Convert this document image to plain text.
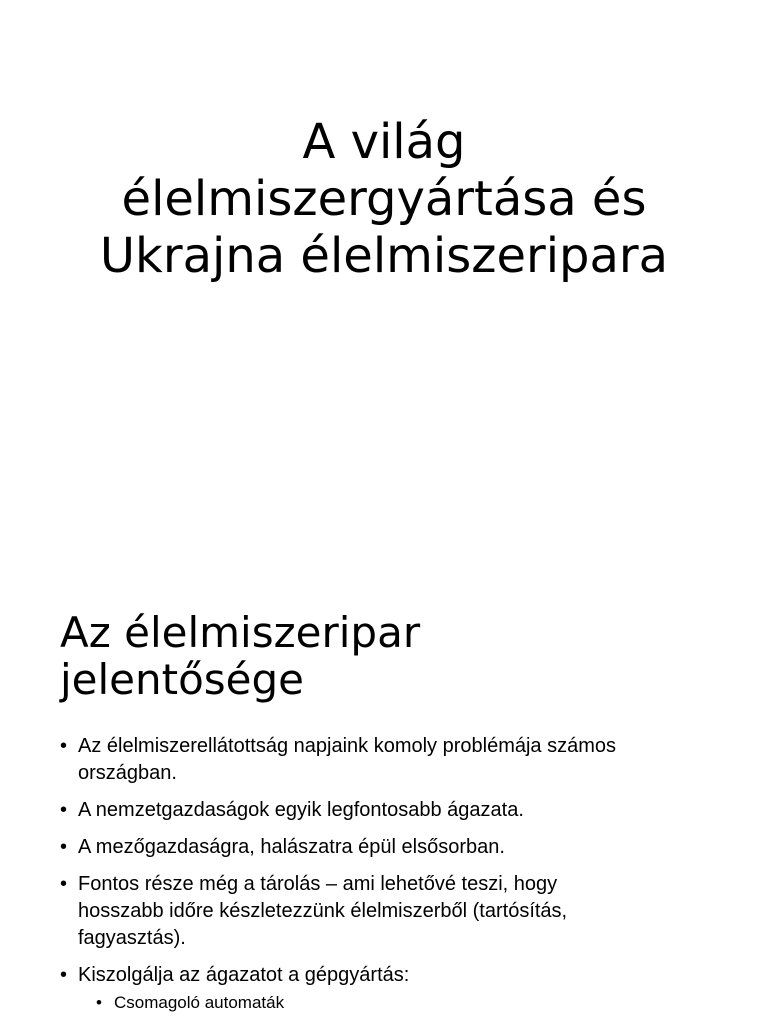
A világ
élelmiszergyártása és
Ukrajna élelmiszeripara
Az élelmiszeripar
jelentősége
• Az élelmiszerellátottság napjaink komoly problémája számos
országban.
• A nemzetgazdaságok egyik legfontosabb ágazata.
• A mezőgazdaságra, halászatra épül elsősorban.
• Fontos része még a tárolás – ami lehetővé teszi, hogy
hosszabb időre készletezzünk élelmiszerből (tartósítás,
fagyasztás).
• Kiszolgálja az ágazatot a gépgyártás:
• Csomagoló automaták
